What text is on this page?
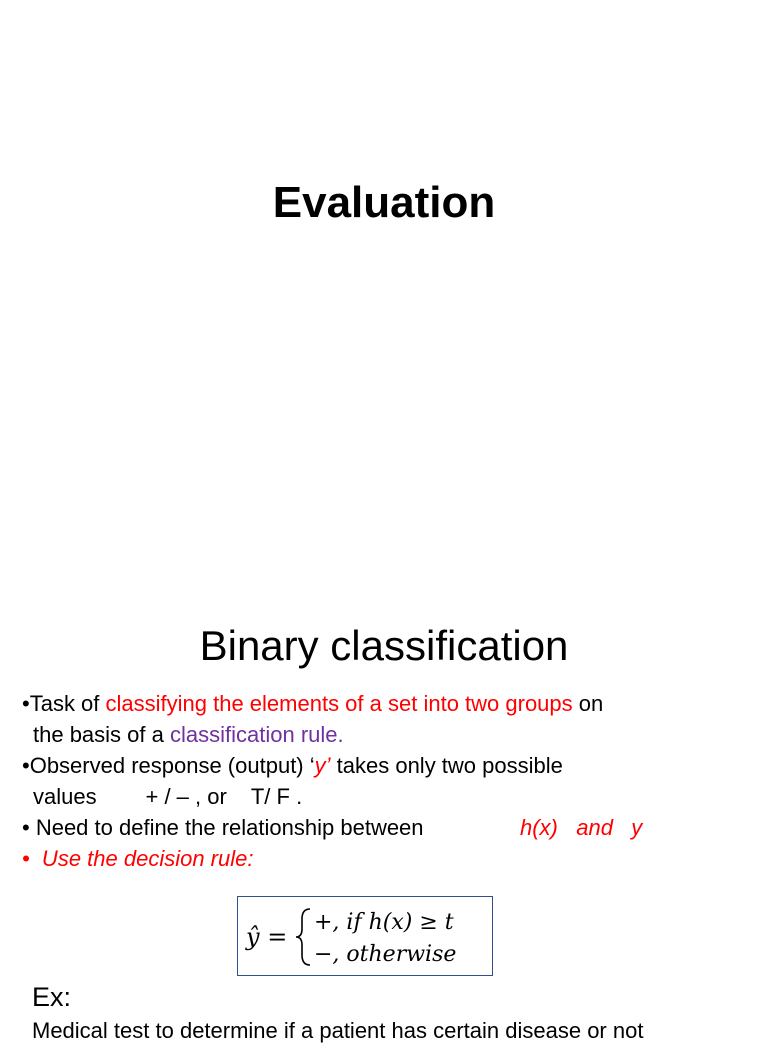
Evaluation
Binary classification
•Task of classifying the elements of a set into two groups on
the basis of a classification rule.
•Observed response (output) ‘y’ takes only two possible
values        + / – , or    T/ F .
• Need to define the relationship between	h(x)   and   y
•  Use the decision rule:
ŷ =
+, if h(x) ≥ t
−, otherwise
Ex:
Medical test to determine if a patient has certain disease or not
